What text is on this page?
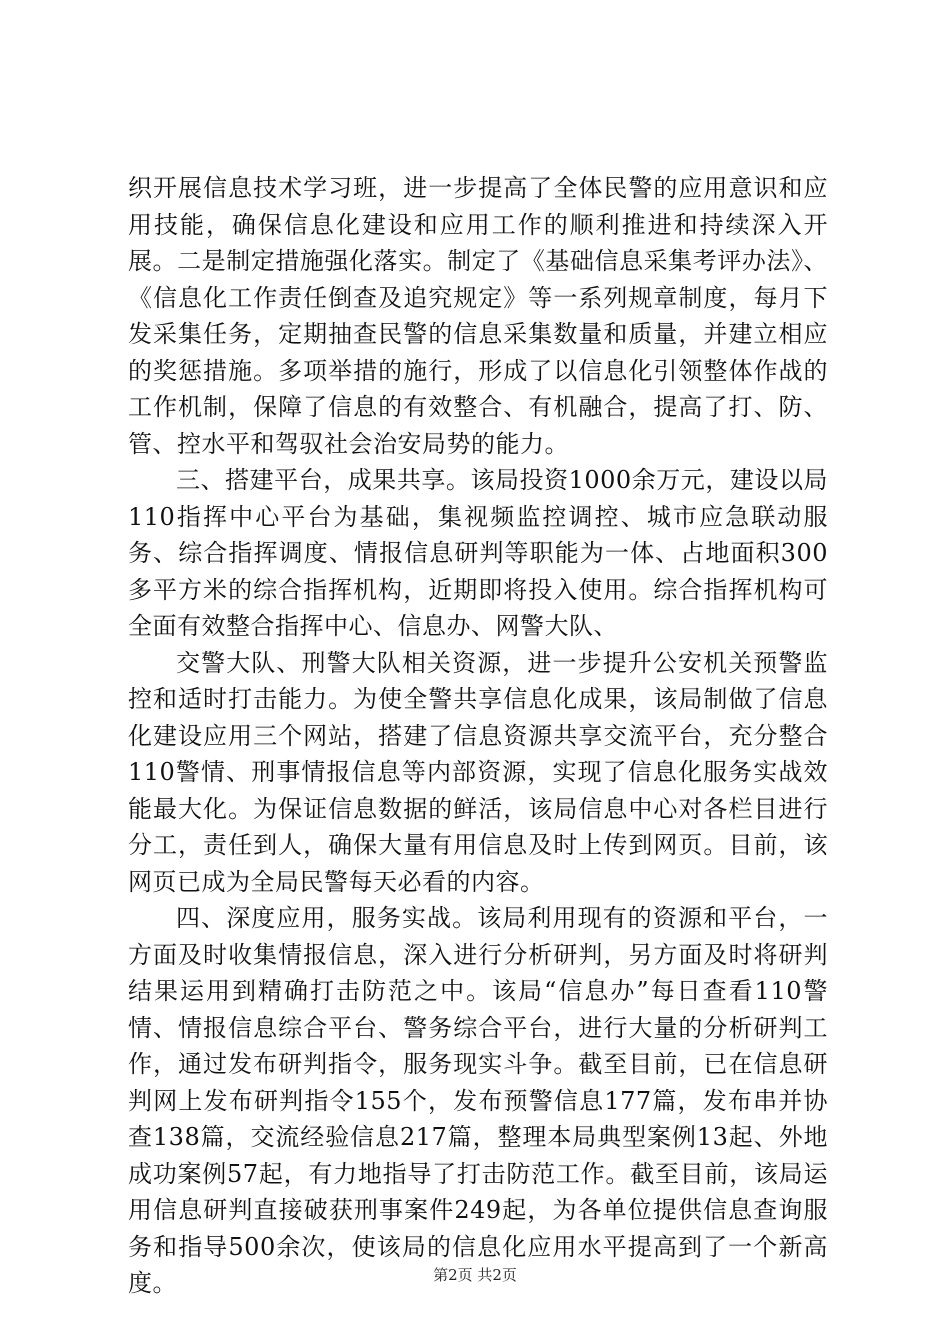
织开展信息技术学习班，进一步提高了全体民警的应用意识和应用技能，确保信息化建设和应用工作的顺利推进和持续深入开展。二是制定措施强化落实。制定了《基础信息采集考评办法》、《信息化工作责任倒查及追究规定》等一系列规章制度，每月下发采集任务，定期抽查民警的信息采集数量和质量，并建立相应的奖惩措施。多项举措的施行，形成了以信息化引领整体作战的工作机制，保障了信息的有效整合、有机融合，提高了打、防、管、控水平和驾驭社会治安局势的能力。

三、搭建平台，成果共享。该局投资1000余万元，建设以局110指挥中心平台为基础，集视频监控调控、城市应急联动服务、综合指挥调度、情报信息研判等职能为一体、占地面积300多平方米的综合指挥机构，近期即将投入使用。综合指挥机构可全面有效整合指挥中心、信息办、网警大队、

交警大队、刑警大队相关资源，进一步提升公安机关预警监控和适时打击能力。为使全警共享信息化成果，该局制做了信息化建设应用三个网站，搭建了信息资源共享交流平台，充分整合110警情、刑事情报信息等内部资源，实现了信息化服务实战效能最大化。为保证信息数据的鲜活，该局信息中心对各栏目进行分工，责任到人，确保大量有用信息及时上传到网页。目前，该网页已成为全局民警每天必看的内容。

四、深度应用，服务实战。该局利用现有的资源和平台，一方面及时收集情报信息，深入进行分析研判，另方面及时将研判结果运用到精确打击防范之中。该局“信息办”每日查看110警情、情报信息综合平台、警务综合平台，进行大量的分析研判工作，通过发布研判指令，服务现实斗争。截至目前，已在信息研判网上发布研判指令155个，发布预警信息177篇，发布串并协查138篇，交流经验信息217篇，整理本局典型案例13起、外地成功案例57起，有力地指导了打击防范工作。截至目前，该局运用信息研判直接破获刑事案件249起，为各单位提供信息查询服务和指导500余次，使该局的信息化应用水平提高到了一个新高度。	第2页 共2页
